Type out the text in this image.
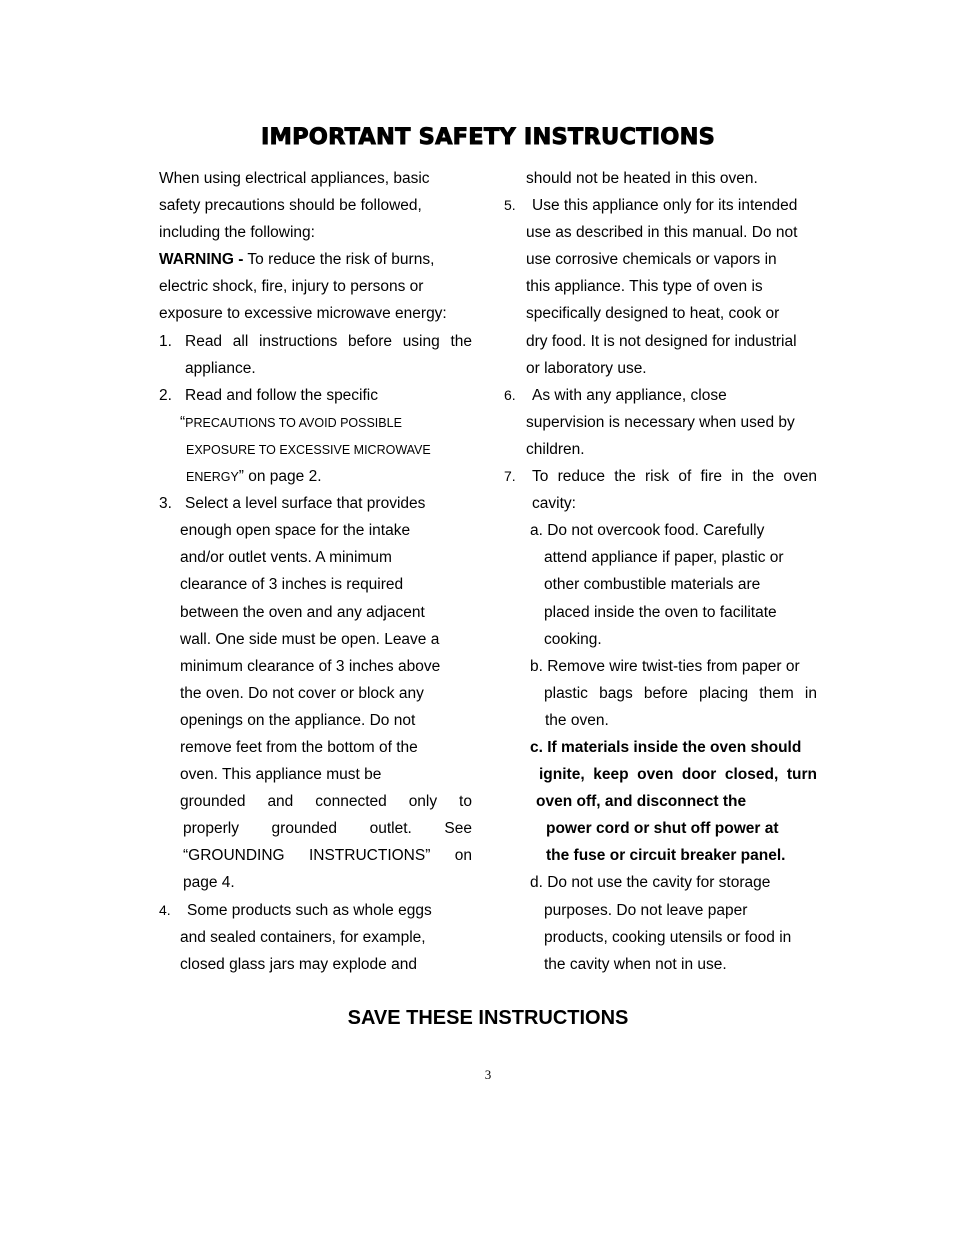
IMPORTANT SAFETY INSTRUCTIONS
When using electrical appliances, basic
safety precautions should be followed,
including the following:
WARNING - To reduce the risk of burns,
electric shock, fire, injury to persons or
exposure to excessive microwave energy:
1. Read all instructions before using the
appliance.
2. Read and follow the specific
“PRECAUTIONS TO AVOID POSSIBLE
EXPOSURE TO EXCESSIVE MICROWAVE
ENERGY” on page 2.
3. Select a level surface that provides
enough open space for the intake
and/or outlet vents. A minimum
clearance of 3 inches is required
between the oven and any adjacent
wall. One side must be open. Leave a
minimum clearance of 3 inches above
the oven. Do not cover or block any
openings on the appliance. Do not
remove feet from the bottom of the
oven. This appliance must be
grounded and connected only to
properly grounded outlet. See
“GROUNDING INSTRUCTIONS” on
page 4.
4. Some products such as whole eggs
and sealed containers, for example,
closed glass jars may explode and
should not be heated in this oven.
5. Use this appliance only for its intended
use as described in this manual. Do not
use corrosive chemicals or vapors in
this appliance. This type of oven is
specifically designed to heat, cook or
dry food. It is not designed for industrial
or laboratory use.
6. As with any appliance, close
supervision is necessary when used by
children.
7. To reduce the risk of fire in the oven
cavity:
a. Do not overcook food. Carefully
attend appliance if paper, plastic or
other combustible materials are
placed inside the oven to facilitate
cooking.
b. Remove wire twist-ties from paper or
plastic bags before placing them in
the oven.
c. If materials inside the oven should
ignite, keep oven door closed, turn
oven off, and disconnect the
power cord or shut off power at
the fuse or circuit breaker panel.
d. Do not use the cavity for storage
purposes. Do not leave paper
products, cooking utensils or food in
the cavity when not in use.
SAVE THESE INSTRUCTIONS
3
